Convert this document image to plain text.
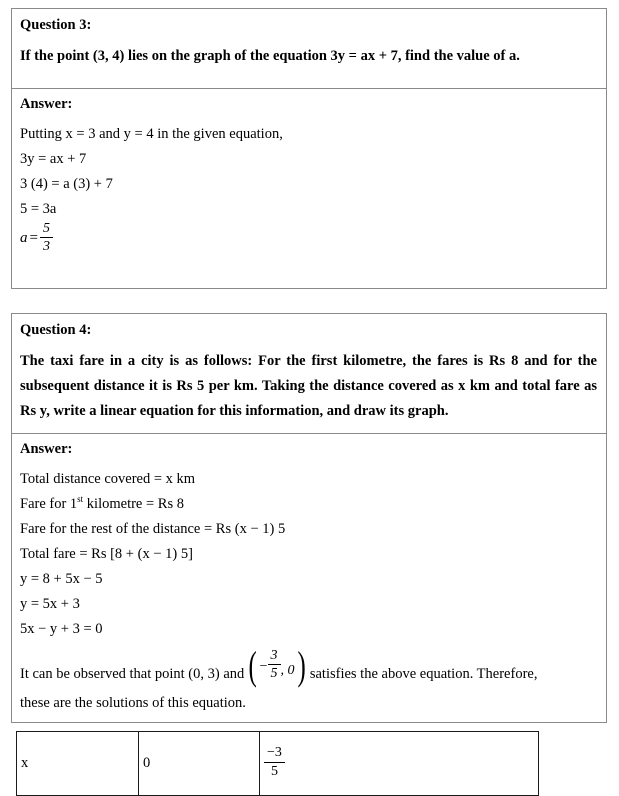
Question 3:

If the point (3, 4) lies on the graph of the equation 3y = ax + 7, find the value of a.

Answer:

Putting x = 3 and y = 4 in the given equation,

3y = ax + 7

3 (4) = a (3) + 7

5 = 3a

$a = \frac{5}{3}$

Question 4:

The taxi fare in a city is as follows: For the first kilometre, the fares is Rs 8 and for the subsequent distance it is Rs 5 per km. Taking the distance covered as x km and total fare as Rs y, write a linear equation for this information, and draw its graph.

Answer:

Total distance covered = x km

Fare for 1st kilometre = Rs 8

Fare for the rest of the distance = Rs (x − 1) 5

Total fare = Rs [8 + (x − 1) 5]

y = 8 + 5x − 5

y = 5x + 3

5x − y + 3 = 0

It can be observed that point (0, 3) and ( − $\frac{3}{5}$ , 0) satisfies the above equation. Therefore,

these are the solutions of this equation.

x	0	$\frac{-3}{5}$
